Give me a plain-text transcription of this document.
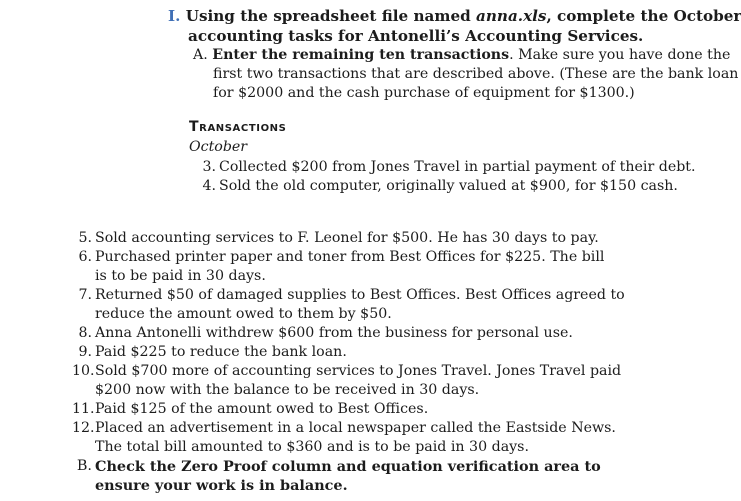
I. Using the spreadsheet file named anna.xls, complete the October
accounting tasks for Antonelli’s Accounting Services.
A. Enter the remaining ten transactions. Make sure you have done the
first two transactions that are described above. (These are the bank loan
for $2000 and the cash purchase of equipment for $1300.)
Transactions
October
3. Collected $200 from Jones Travel in partial payment of their debt.
4. Sold the old computer, originally valued at $900, for $150 cash.
5. Sold accounting services to F. Leonel for $500. He has 30 days to pay.
6. Purchased printer paper and toner from Best Offices for $225. The bill
is to be paid in 30 days.
7. Returned $50 of damaged supplies to Best Offices. Best Offices agreed to
reduce the amount owed to them by $50.
8. Anna Antonelli withdrew $600 from the business for personal use.
9. Paid $225 to reduce the bank loan.
10. Sold $700 more of accounting services to Jones Travel. Jones Travel paid
$200 now with the balance to be received in 30 days.
11. Paid $125 of the amount owed to Best Offices.
12. Placed an advertisement in a local newspaper called the Eastside News.
The total bill amounted to $360 and is to be paid in 30 days.
B. Check the Zero Proof column and equation verification area to
ensure your work is in balance.
